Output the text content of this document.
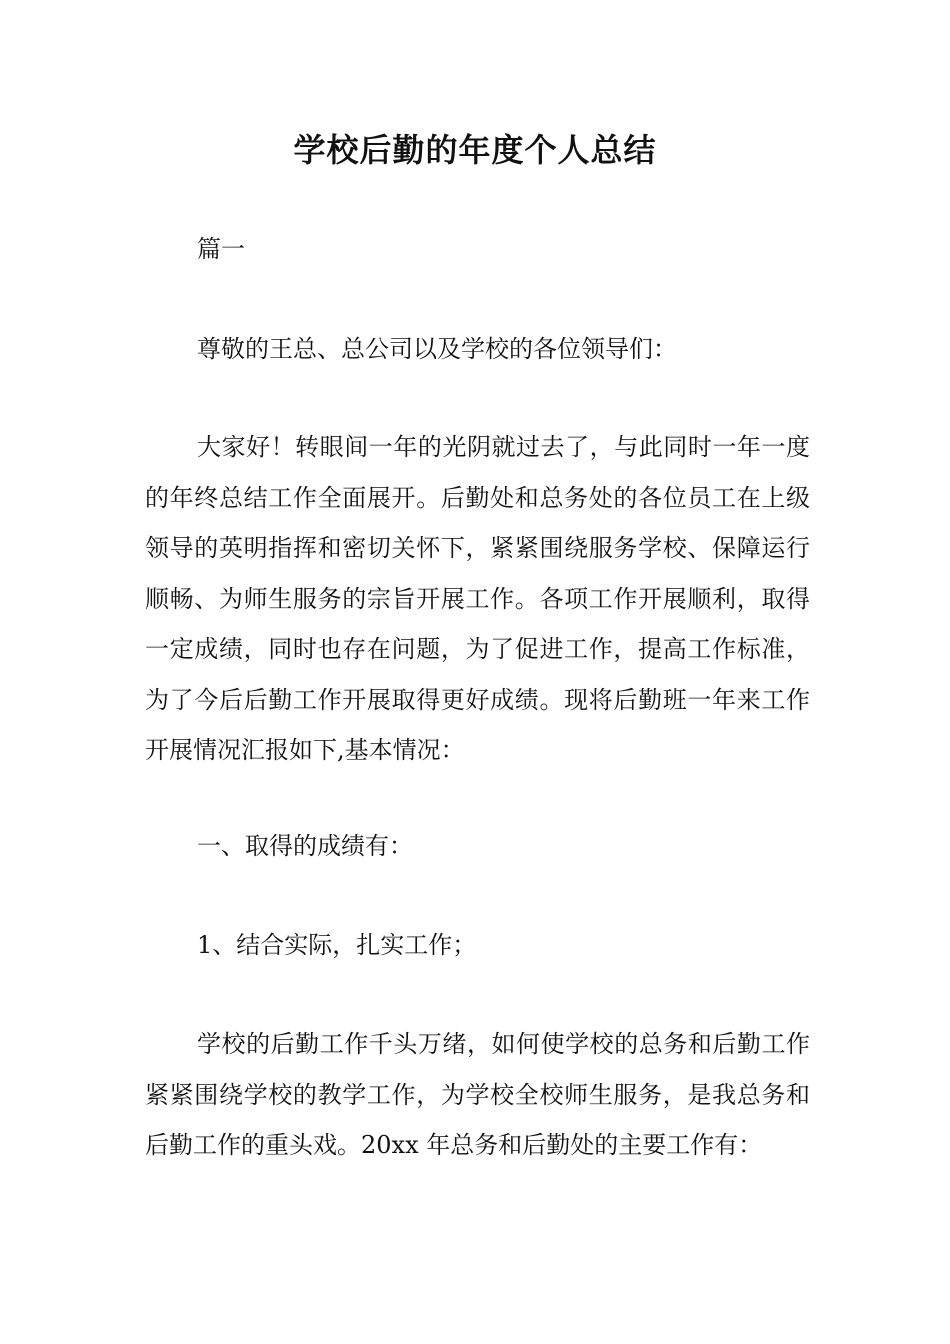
学校后勤的年度个人总结

篇一

尊敬的王总、总公司以及学校的各位领导们：

大家好！转眼间一年的光阴就过去了，与此同时一年一度的年终总结工作全面展开。后勤处和总务处的各位员工在上级领导的英明指挥和密切关怀下，紧紧围绕服务学校、保障运行顺畅、为师生服务的宗旨开展工作。各项工作开展顺利，取得一定成绩，同时也存在问题，为了促进工作，提高工作标准，为了今后后勤工作开展取得更好成绩。现将后勤班一年来工作开展情况汇报如下,基本情况：

一、取得的成绩有：

1、结合实际，扎实工作；

学校的后勤工作千头万绪，如何使学校的总务和后勤工作紧紧围绕学校的教学工作，为学校全校师生服务，是我总务和后勤工作的重头戏。20xx 年总务和后勤处的主要工作有：
